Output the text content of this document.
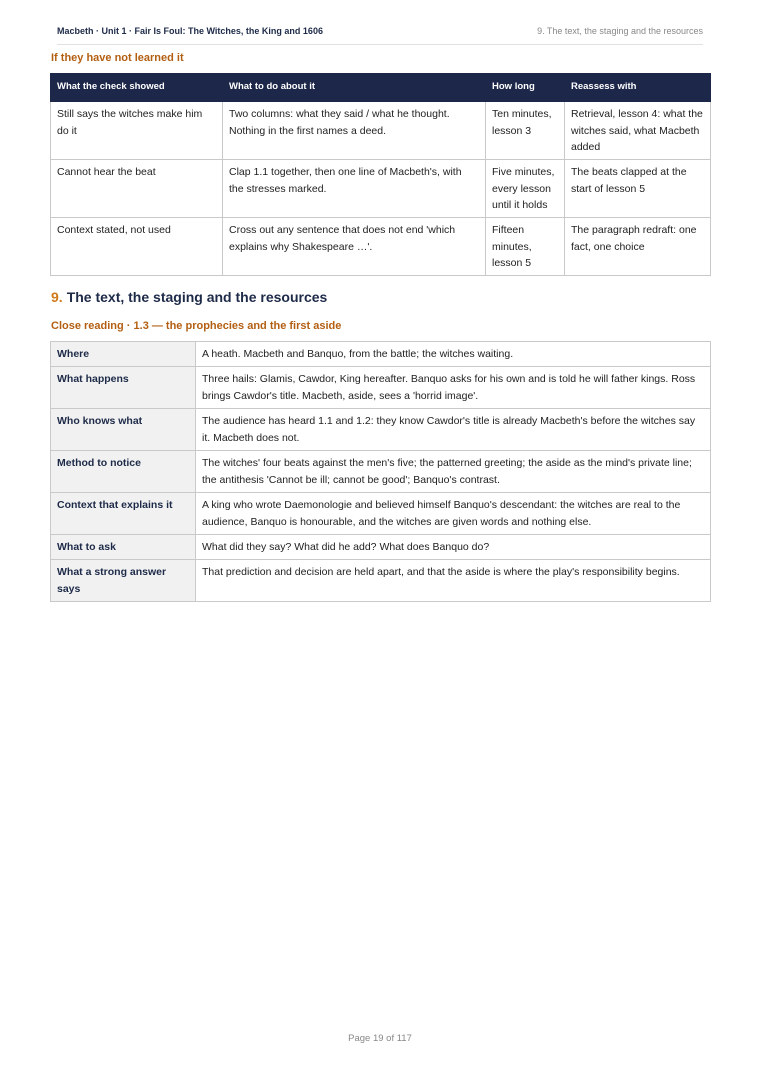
Macbeth · Unit 1 · Fair Is Foul: The Witches, the King and 1606	9. The text, the staging and the resources
If they have not learned it
What the check showed	What to do about it	How long	Reassess with
Still says the witches make him do it	Two columns: what they said / what he thought. Nothing in the first names a deed.	Ten minutes, lesson 3	Retrieval, lesson 4: what the witches said, what Macbeth added
Cannot hear the beat	Clap 1.1 together, then one line of Macbeth's, with the stresses marked.	Five minutes, every lesson until it holds	The beats clapped at the start of lesson 5
Context stated, not used	Cross out any sentence that does not end 'which explains why Shakespeare …'.	Fifteen minutes, lesson 5	The paragraph redraft: one fact, one choice
9. The text, the staging and the resources
Close reading · 1.3 — the prophecies and the first aside
Where	A heath. Macbeth and Banquo, from the battle; the witches waiting.
What happens	Three hails: Glamis, Cawdor, King hereafter. Banquo asks for his own and is told he will father kings. Ross brings Cawdor's title. Macbeth, aside, sees a 'horrid image'.
Who knows what	The audience has heard 1.1 and 1.2: they know Cawdor's title is already Macbeth's before the witches say it. Macbeth does not.
Method to notice	The witches' four beats against the men's five; the patterned greeting; the aside as the mind's private line; the antithesis 'Cannot be ill; cannot be good'; Banquo's contrast.
Context that explains it	A king who wrote Daemonologie and believed himself Banquo's descendant: the witches are real to the audience, Banquo is honourable, and the witches are given words and nothing else.
What to ask	What did they say? What did he add? What does Banquo do?
What a strong answer says	That prediction and decision are held apart, and that the aside is where the play's responsibility begins.
Page 19 of 117
